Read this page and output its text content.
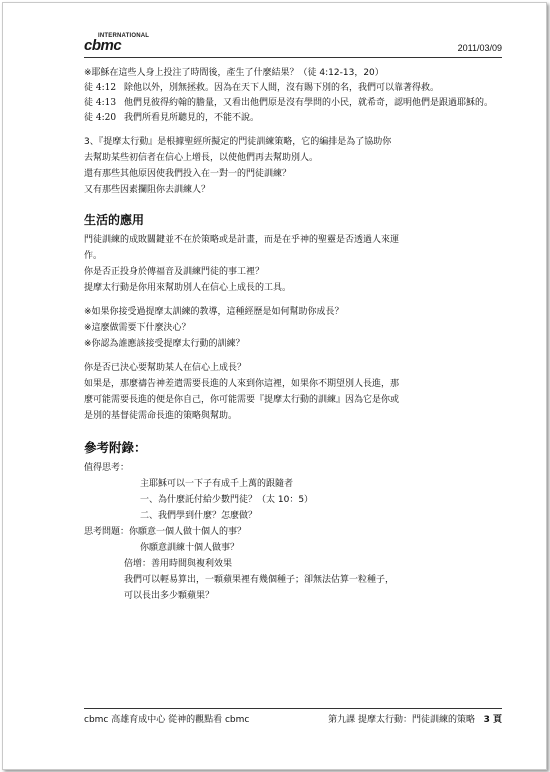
INTERNATIONAL
cbmc	2011/03/09

※耶穌在這些人身上投注了時間後，產生了什麼結果？（徒 4:12-13，20）

徒 4:12 除他以外，別無拯救。因為在天下人間，沒有賜下別的名，我們可以靠著得救。
徒 4:13 他們見彼得約翰的膽量，又看出他們原是沒有學問的小民，就希奇，認明他們是跟過耶穌的。
徒 4:20 我們所看見所聽見的，不能不說。

3、『提摩太行動』是根據聖經所擬定的門徒訓練策略，它的編排是為了協助你

去幫助某些初信者在信心上增長，以使他們再去幫助別人。

還有那些其他原因使我們投入在一對一的門徒訓練？

又有那些因素攔阻你去訓練人？

生活的應用

門徒訓練的成敗關鍵並不在於策略或是計畫，而是在乎神的聖靈是否透過人來運

作。

你是否正投身於傳福音及訓練門徒的事工裡？

提摩太行動是你用來幫助別人在信心上成長的工具。

※如果你接受過提摩太訓練的教導，這種經歷是如何幫助你成長？

※這麼做需要下什麼決心？

※你認為誰應該接受提摩太行動的訓練？

你是否已決心要幫助某人在信心上成長？

如果是，那麼禱告神差遣需要長進的人來到你這裡，如果你不期望別人長進，那

麼可能需要長進的便是你自己，你可能需要『提摩太行動的訓練』因為它是你或

是別的基督徒需命長進的策略與幫助。

參考附錄：

值得思考：

主耶穌可以一下子有成千上萬的跟隨者

一、為什麼託付給少數門徒？（太 10：5）

二、我們學到什麼？怎麼做？

思考問題：你願意一個人做十個人的事？

你願意訓練十個人做事？

倍增：善用時間與複利效果

我們可以輕易算出，一顆蘋果裡有幾個種子；卻無法估算一粒種子，

可以長出多少顆蘋果？

cbmc 高雄育成中心 從神的觀點看 cbmc	第九課 提摩太行動：門徒訓練的策略 3 頁
